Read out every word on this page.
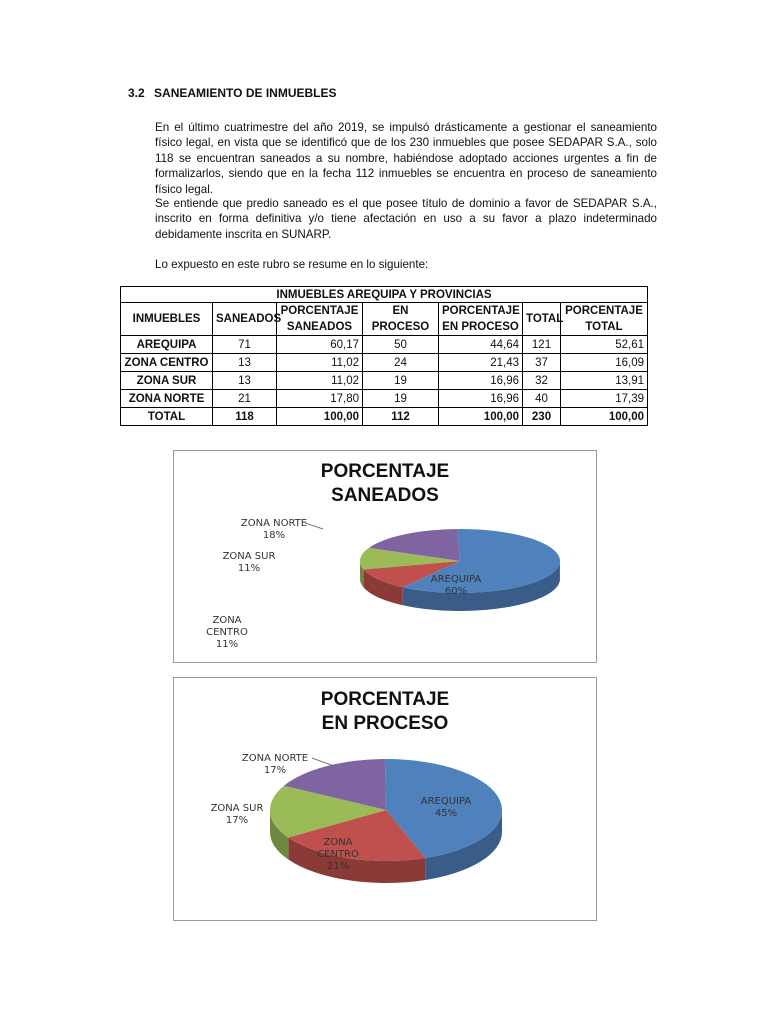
3.2 SANEAMIENTO DE INMUEBLES
En el último cuatrimestre del año 2019, se impulsó drásticamente a gestionar el saneamiento físico legal, en vista que se identificó que de los 230 inmuebles que posee SEDAPAR S.A., solo 118 se encuentran saneados a su nombre, habiéndose adoptado acciones urgentes a fin de formalizarlos, siendo que en la fecha 112 inmuebles se encuentra en proceso de saneamiento físico legal.
Se entiende que predio saneado es el que posee título de dominio a favor de SEDAPAR S.A., inscrito en forma definitiva y/o tiene afectación en uso a su favor a plazo indeterminado debidamente inscrita en SUNARP.
Lo expuesto en este rubro se resume en lo siguiente:
INMUEBLES AREQUIPA Y PROVINCIAS						
INMUEBLES	SANEADOS	PORCENTAJE SANEADOS	EN PROCESO	PORCENTAJE EN PROCESO	TOTAL	PORCENTAJE TOTAL
AREQUIPA	71	60,17	50	44,64	121	52,61
ZONA CENTRO	13	11,02	24	21,43	37	16,09
ZONA SUR	13	11,02	19	16,96	32	13,91
ZONA NORTE	21	17,80	19	16,96	40	17,39
TOTAL	118	100,00	112	100,00	230	100,00
PORCENTAJE
SANEADOS
AREQUIPA 60%
ZONA CENTRO 11%
ZONA SUR 11%
ZONA NORTE 18%
PORCENTAJE
EN PROCESO
AREQUIPA 45%
ZONA CENTRO 21%
ZONA SUR 17%
ZONA NORTE 17%
